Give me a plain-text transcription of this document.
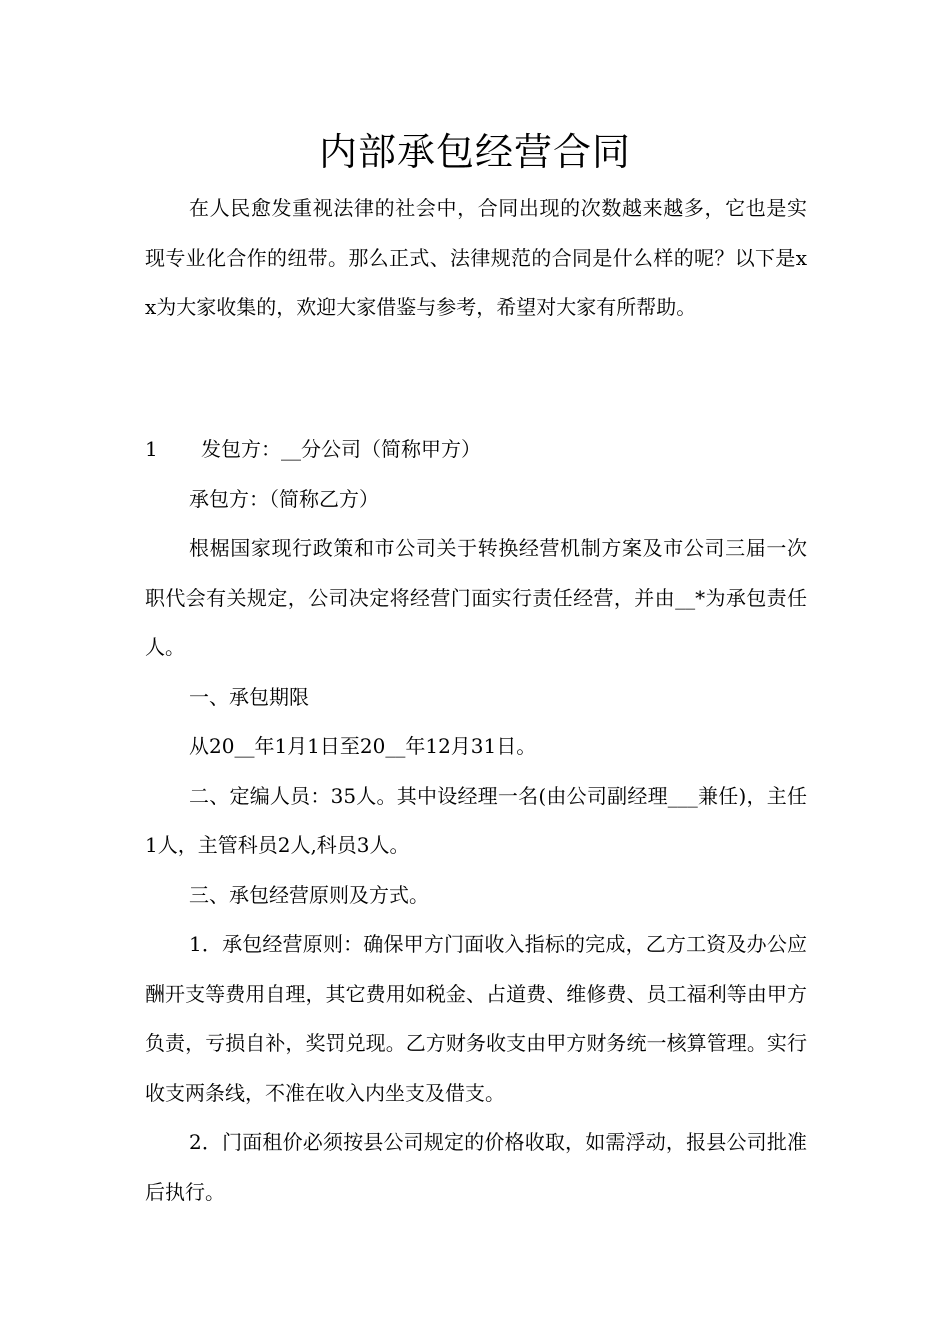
内部承包经营合同

在人民愈发重视法律的社会中，合同出现的次数越来越多，它也是实现专业化合作的纽带。那么正式、法律规范的合同是什么样的呢？以下是xx为大家收集的，欢迎大家借鉴与参考，希望对大家有所帮助。

1 发包方：__分公司（简称甲方）

承包方：（简称乙方）

根椐国家现行政策和市公司关于转换经营机制方案及市公司三届一次职代会有关规定，公司决定将经营门面实行责任经营，并由__*为承包责任人。

一、承包期限

从20__年1月1日至20__年12月31日。

二、定编人员：35人。其中设经理一名(由公司副经理___兼任)，主任1人，主管科员2人,科员3人。

三、承包经营原则及方式。

1．承包经营原则：确保甲方门面收入指标的完成，乙方工资及办公应酬开支等费用自理，其它费用如税金、占道费、维修费、员工福利等由甲方负责，亏损自补，奖罚兑现。乙方财务收支由甲方财务统一核算管理。实行收支两条线，不准在收入内坐支及借支。

2．门面租价必须按县公司规定的价格收取，如需浮动，报县公司批准后执行。
